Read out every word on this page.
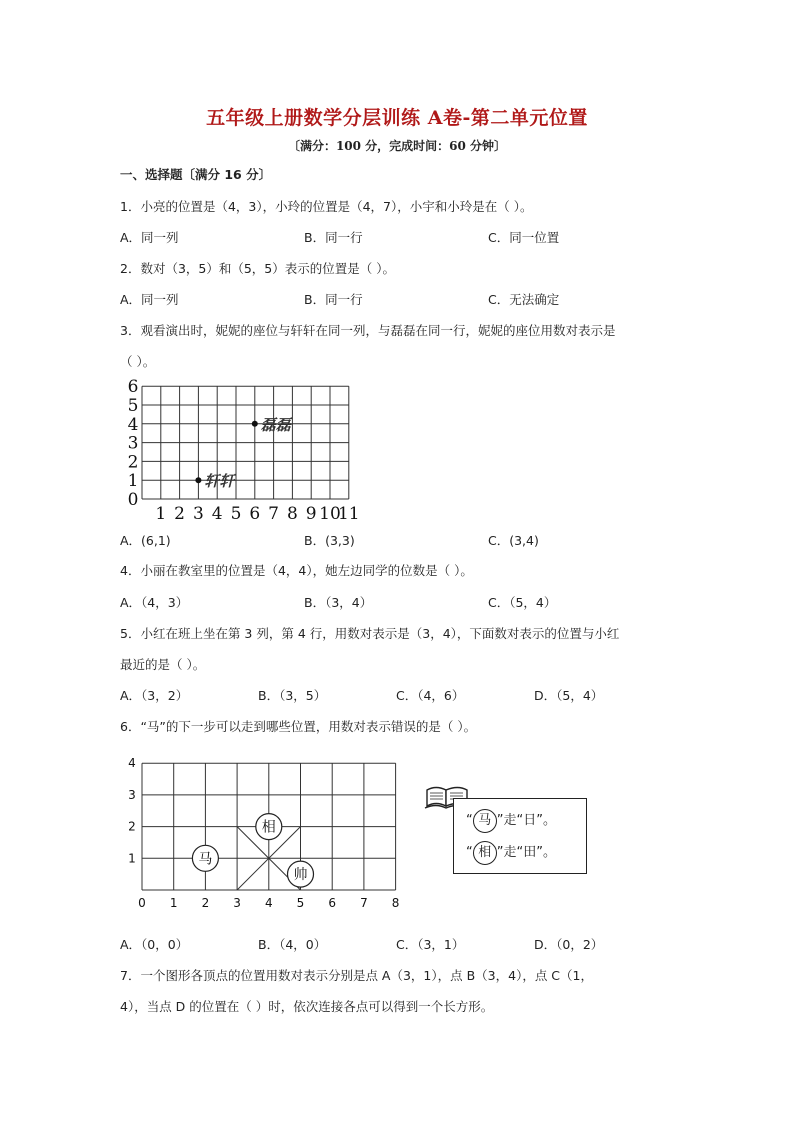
五年级上册数学分层训练 A卷-第二单元位置
〔满分：100 分，完成时间：60 分钟〕
一、选择题〔满分 16 分〕
1．小亮的位置是（4，3），小玲的位置是（4，7），小宇和小玲是在（ ）。
A．同一列	B．同一行	C．同一位置
2．数对（3，5）和（5，5）表示的位置是（ ）。
A．同一列	B．同一行	C．无法确定
3．观看演出时，妮妮的座位与轩轩在同一列，与磊磊在同一行，妮妮的座位用数对表示是
（ ）。
0
1
2
3
4
5
6
1 2 3 4 5 6 7 8 9 10
11
轩轩
磊磊
A．(6,1)	B．(3,3)	C．(3,4)
4．小丽在教室里的位置是（4，4），她左边同学的位数是（ ）。
A．（4，3）	B．（3，4）	C．（5，4）
5．小红在班上坐在第 3 列，第 4 行，用数对表示是（3，4），下面数对表示的位置与小红
最近的是（ ）。
A．（3，2）	B．（3，5）	C．（4，6）	D．（5，4）
6．“马”的下一步可以走到哪些位置，用数对表示错误的是（ ）。
1
2
3
4
0 1 2 3 4 5 6 7 8
马
相
帅
“ 马 ”走“日”。
“ 相 ”走“田”。
A．（0，0）	B．（4，0）	C．（3，1）	D．（0，2）
7．一个图形各顶点的位置用数对表示分别是点 A（3，1），点 B（3，4），点 C（1，
4），当点 D 的位置在（ ）时，依次连接各点可以得到一个长方形。
